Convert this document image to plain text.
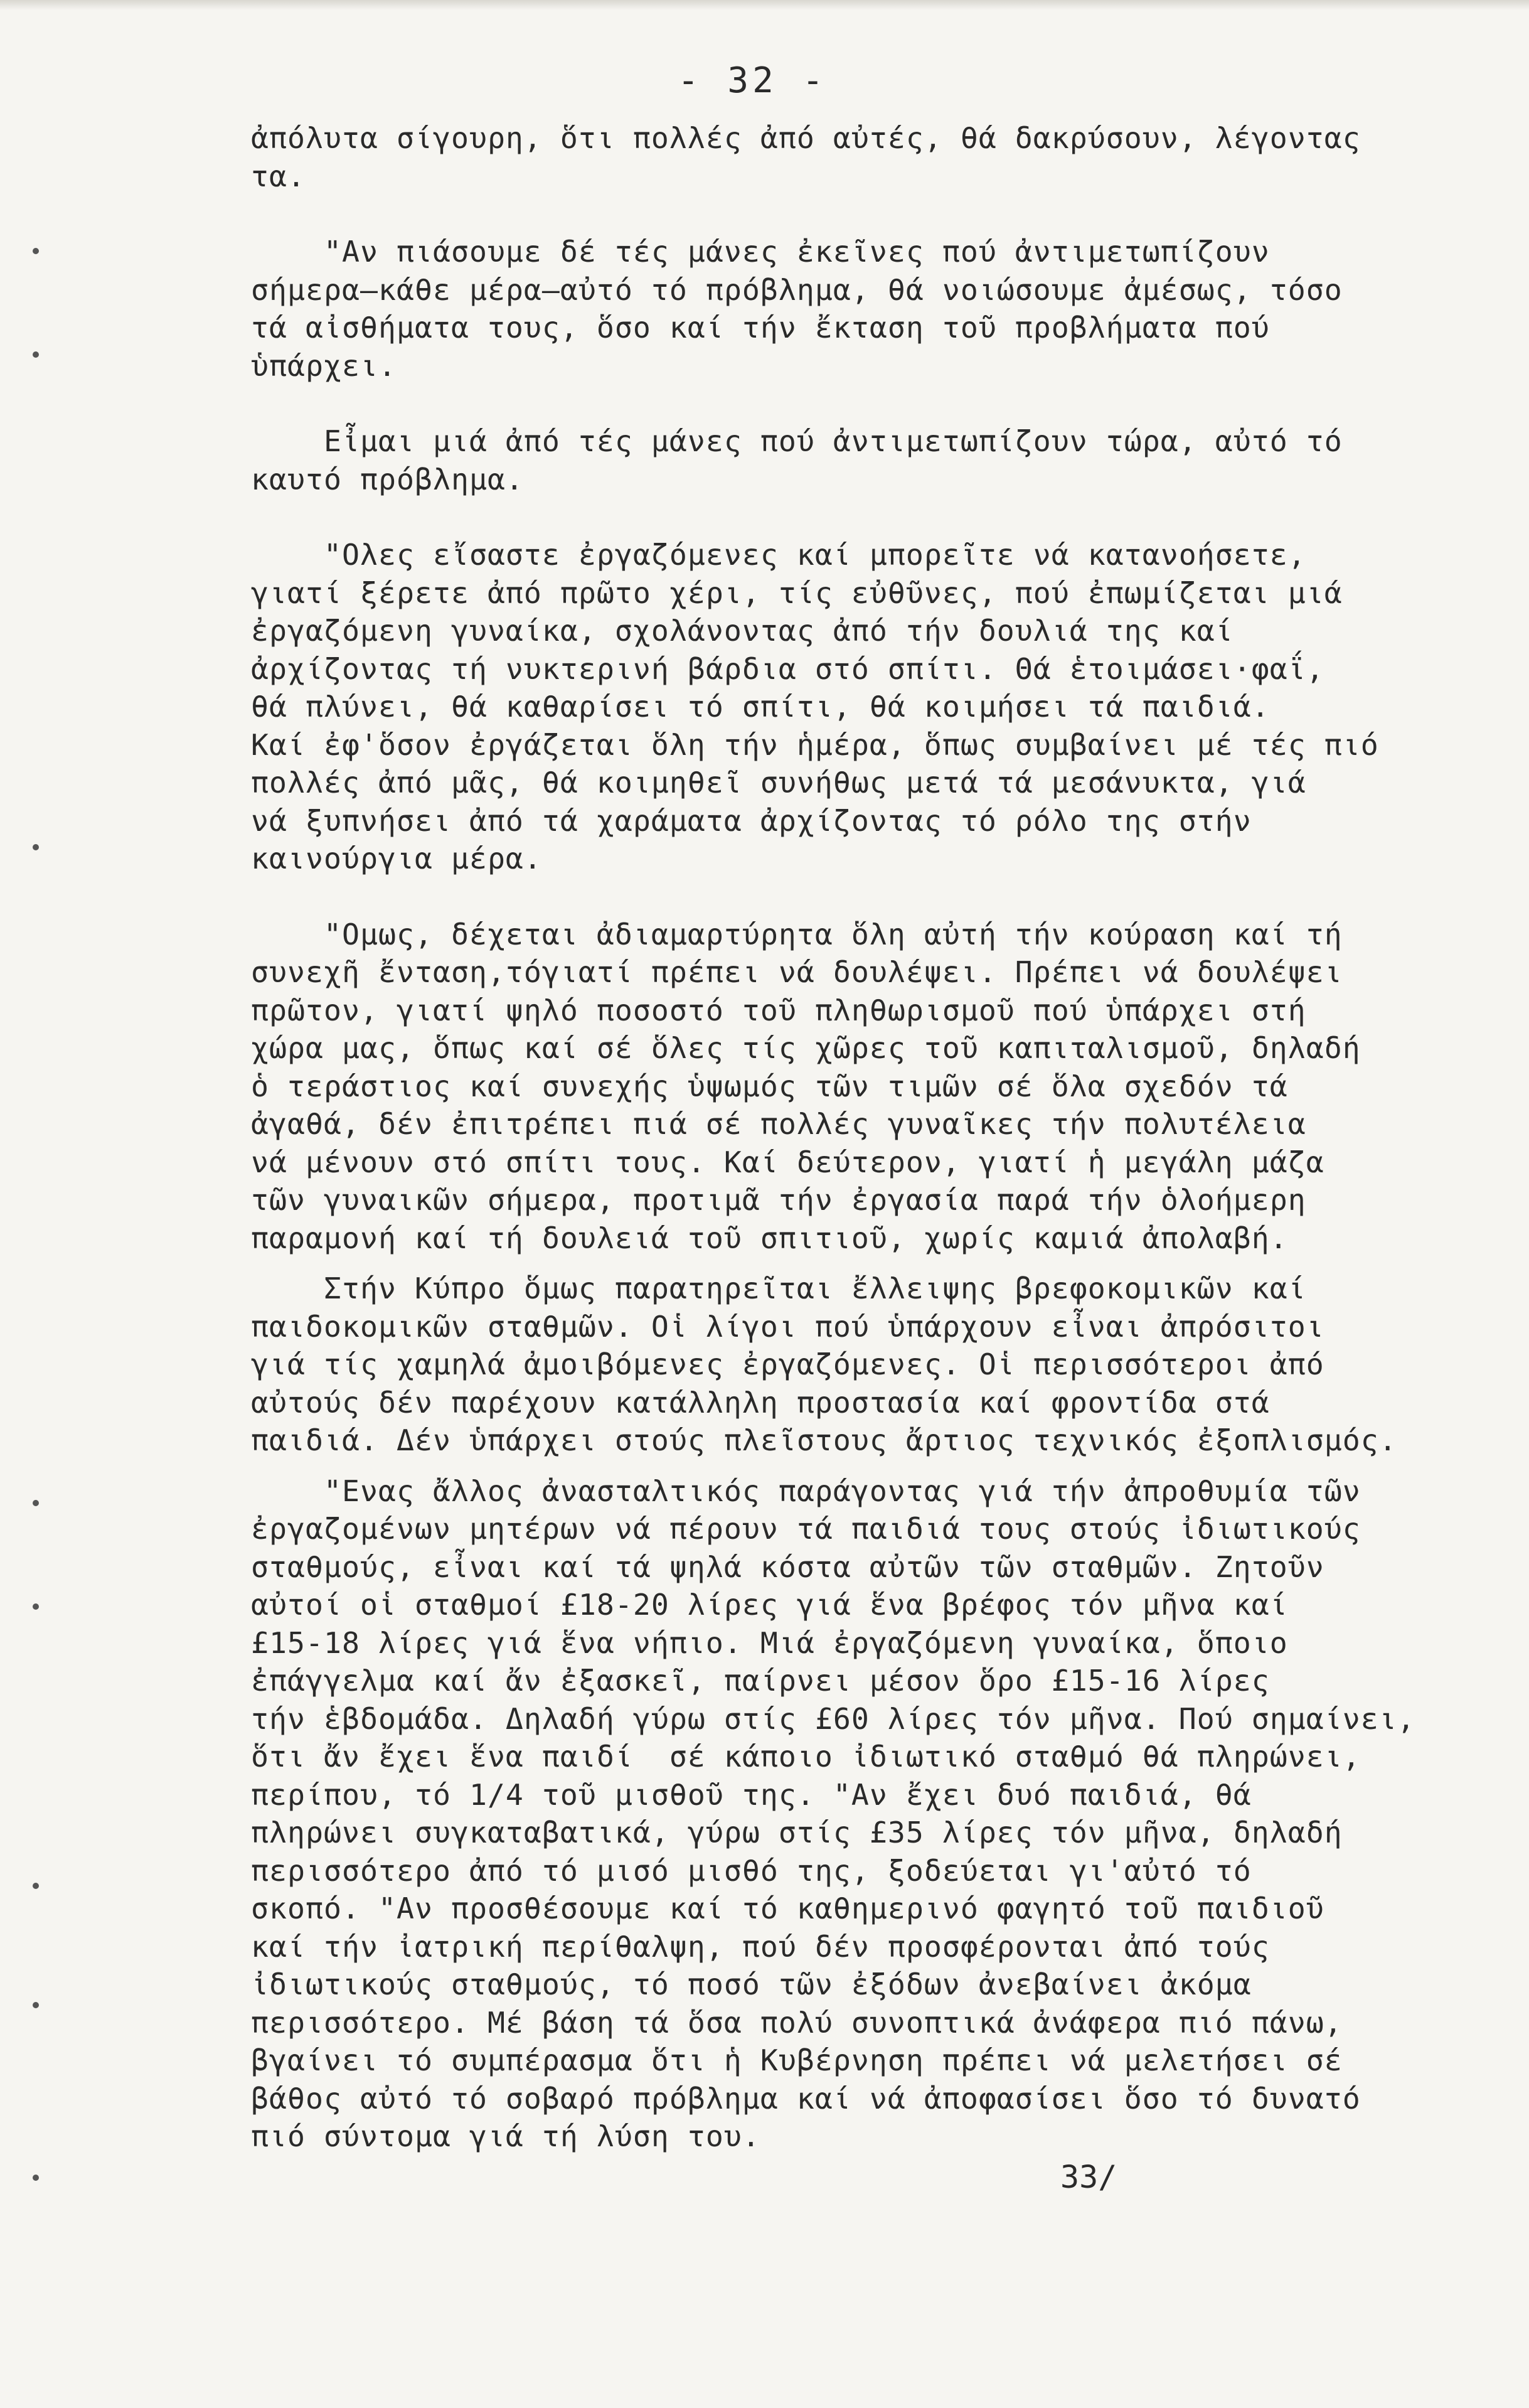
- 32 -
ἀπόλυτα σίγουρη, ὅτι πολλές ἀπό αὐτές, θά δακρύσουν, λέγοντας
τα.
"Αν πιάσουμε δέ τές μάνες ἐκεῖνες πού ἀντιμετωπίζουν
σήμερα—κάθε μέρα—αὐτό τό πρόβλημα, θά νοιώσουμε ἀμέσως, τόσο
τά αἰσθήματα τους, ὅσο καί τήν ἔκταση τοῦ προβλήματα πού
ὑπάρχει.
Εἶμαι μιά ἀπό τές μάνες πού ἀντιμετωπίζουν τώρα, αὐτό τό
καυτό πρόβλημα.
"Ολες εἴσαστε ἐργαζόμενες καί μπορεῖτε νά κατανοήσετε,
γιατί ξέρετε ἀπό πρῶτο χέρι, τίς εὐθῦνες, πού ἐπωμίζεται μιά
ἐργαζόμενη γυναίκα, σχολάνοντας ἀπό τήν δουλιά της καί
ἀρχίζοντας τή νυκτερινή βάρδια στό σπίτι. Θά ἑτοιμάσει·φαΐ,
θά πλύνει, θά καθαρίσει τό σπίτι, θά κοιμήσει τά παιδιά.
Καί ἐφ'ὅσον ἐργάζεται ὅλη τήν ἡμέρα, ὅπως συμβαίνει μέ τές πιό
πολλές ἀπό μᾶς, θά κοιμηθεῖ συνήθως μετά τά μεσάνυκτα, γιά
νά ξυπνήσει ἀπό τά χαράματα ἀρχίζοντας τό ρόλο της στήν
καινούργια μέρα.
"Ομως, δέχεται ἀδιαμαρτύρητα ὅλη αὐτή τήν κούραση καί τή
συνεχῆ ἔνταση,τόγιατί πρέπει νά δουλέψει. Πρέπει νά δουλέψει
πρῶτον, γιατί ψηλό ποσοστό τοῦ πληθωρισμοῦ πού ὑπάρχει στή
χώρα μας, ὅπως καί σέ ὅλες τίς χῶρες τοῦ καπιταλισμοῦ, δηλαδή
ὁ τεράστιος καί συνεχής ὑψωμός τῶν τιμῶν σέ ὅλα σχεδόν τά
ἀγαθά, δέν ἐπιτρέπει πιά σέ πολλές γυναῖκες τήν πολυτέλεια
νά μένουν στό σπίτι τους. Καί δεύτερον, γιατί ἡ μεγάλη μάζα
τῶν γυναικῶν σήμερα, προτιμᾶ τήν ἐργασία παρά τήν ὁλοήμερη
παραμονή καί τή δουλειά τοῦ σπιτιοῦ, χωρίς καμιά ἀπολαβή.
Στήν Κύπρο ὅμως παρατηρεῖται ἔλλειψης βρεφοκομικῶν καί
παιδοκομικῶν σταθμῶν. Οἱ λίγοι πού ὑπάρχουν εἶναι ἀπρόσιτοι
γιά τίς χαμηλά ἀμοιβόμενες ἐργαζόμενες. Οἱ περισσότεροι ἀπό
αὐτούς δέν παρέχουν κατάλληλη προστασία καί φροντίδα στά
παιδιά. Δέν ὑπάρχει στούς πλεῖστους ἄρτιος τεχνικός ἐξοπλισμός.
"Ενας ἄλλος ἀνασταλτικός παράγοντας γιά τήν ἀπροθυμία τῶν
ἐργαζομένων μητέρων νά πέρουν τά παιδιά τους στούς ἰδιωτικούς
σταθμούς, εἶναι καί τά ψηλά κόστα αὐτῶν τῶν σταθμῶν. Ζητοῦν
αὐτοί οἱ σταθμοί £18-20 λίρες γιά ἕνα βρέφος τόν μῆνα καί
£15-18 λίρες γιά ἕνα νήπιο. Μιά ἐργαζόμενη γυναίκα, ὅποιο
ἐπάγγελμα καί ἄν ἐξασκεῖ, παίρνει μέσον ὅρο £15-16 λίρες
τήν ἑβδομάδα. Δηλαδή γύρω στίς £60 λίρες τόν μῆνα. Πού σημαίνει,
ὅτι ἄν ἔχει ἕνα παιδί  σέ κάποιο ἰδιωτικό σταθμό θά πληρώνει,
περίπου, τό 1/4 τοῦ μισθοῦ της. "Αν ἔχει δυό παιδιά, θά
πληρώνει συγκαταβατικά, γύρω στίς £35 λίρες τόν μῆνα, δηλαδή
περισσότερο ἀπό τό μισό μισθό της, ξοδεύεται γι'αὐτό τό
σκοπό. "Αν προσθέσουμε καί τό καθημερινό φαγητό τοῦ παιδιοῦ
καί τήν ἰατρική περίθαλψη, πού δέν προσφέρονται ἀπό τούς
ἰδιωτικούς σταθμούς, τό ποσό τῶν ἐξόδων ἀνεβαίνει ἀκόμα
περισσότερο. Μέ βάση τά ὅσα πολύ συνοπτικά ἀνάφερα πιό πάνω,
βγαίνει τό συμπέρασμα ὅτι ἡ Κυβέρνηση πρέπει νά μελετήσει σέ
βάθος αὐτό τό σοβαρό πρόβλημα καί νά ἀποφασίσει ὅσο τό δυνατό
πιό σύντομα γιά τή λύση του.
33/
